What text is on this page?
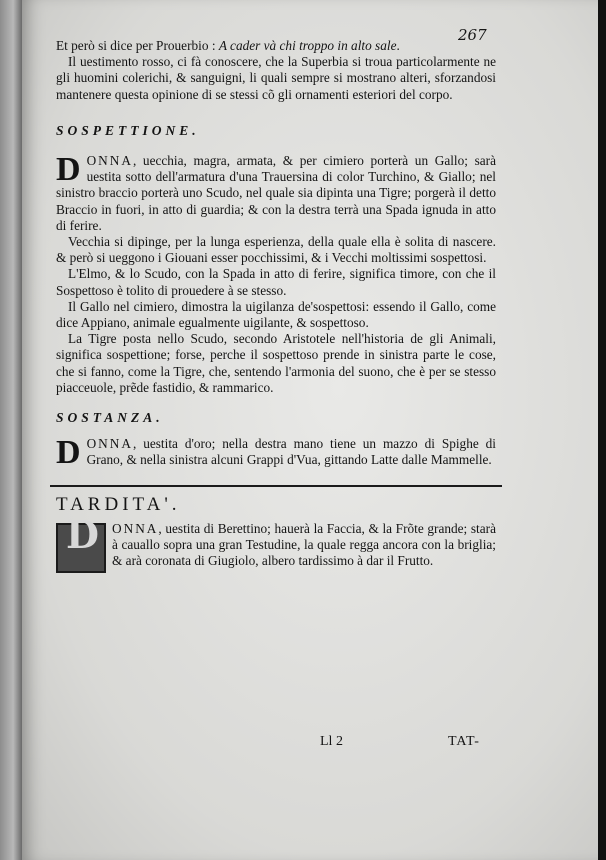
267

Et però si dice per Prouerbio : A cader và chi troppo in alto sale.

Il uestimento rosso, ci fà conoscere, che la Superbia si troua particolarmente ne gli huomini colerichi, & sanguigni, li quali sempre si mostrano alteri, sforzandosi mantenere questa opinione di se stessi cõ gli ornamenti esteriori del corpo.

SOSPETTIONE.

DONNA, uecchia, magra, armata, & per cimiero porterà un Gallo; sarà uestita sotto dell'armatura d'una Trauersina di color Turchino, & Giallo; nel sinistro braccio porterà uno Scudo, nel quale sia dipinta una Tigre; porgerà il detto Braccio in fuori, in atto di guardia; & con la destra terrà una Spada ignuda in atto di ferire.

Vecchia si dipinge, per la lunga esperienza, della quale ella è solita di nascere. & però si ueggono i Giouani esser pocchissimi, & i Vecchi moltissimi sospettosi.

L'Elmo, & lo Scudo, con la Spada in atto di ferire, significa timore, con che il Sospettoso è tolito di prouedere à se stesso.

Il Gallo nel cimiero, dimostra la uigilanza de'sospettosi: essendo il Gallo, come dice Appiano, animale egualmente uigilante, & sospettoso.

La Tigre posta nello Scudo, secondo Aristotele nell'historia de gli Animali, significa sospettione; forse, perche il sospettoso prende in sinistra parte le cose, che si fanno, come la Tigre, che, sentendo l'armonia del suono, che è per se stesso piacceuole, prẽde fastidio, & rammarico.

SOSTANZA.

DONNA, uestita d'oro; nella destra mano tiene un mazzo di Spighe di Grano, & nella sinistra alcuni Grappi d'Vua, gittando Latte dalle Mammelle.

TARDITA'.

D ONNA, uestita di Berettino; hauerà la Faccia, & la Frõte grande; starà à cauallo sopra una gran Testudine, la quale regga ancora con la briglia; & arà coronata di Giugiolo, albero tardissimo à dar il Frutto.

Ll 2	TAT-
